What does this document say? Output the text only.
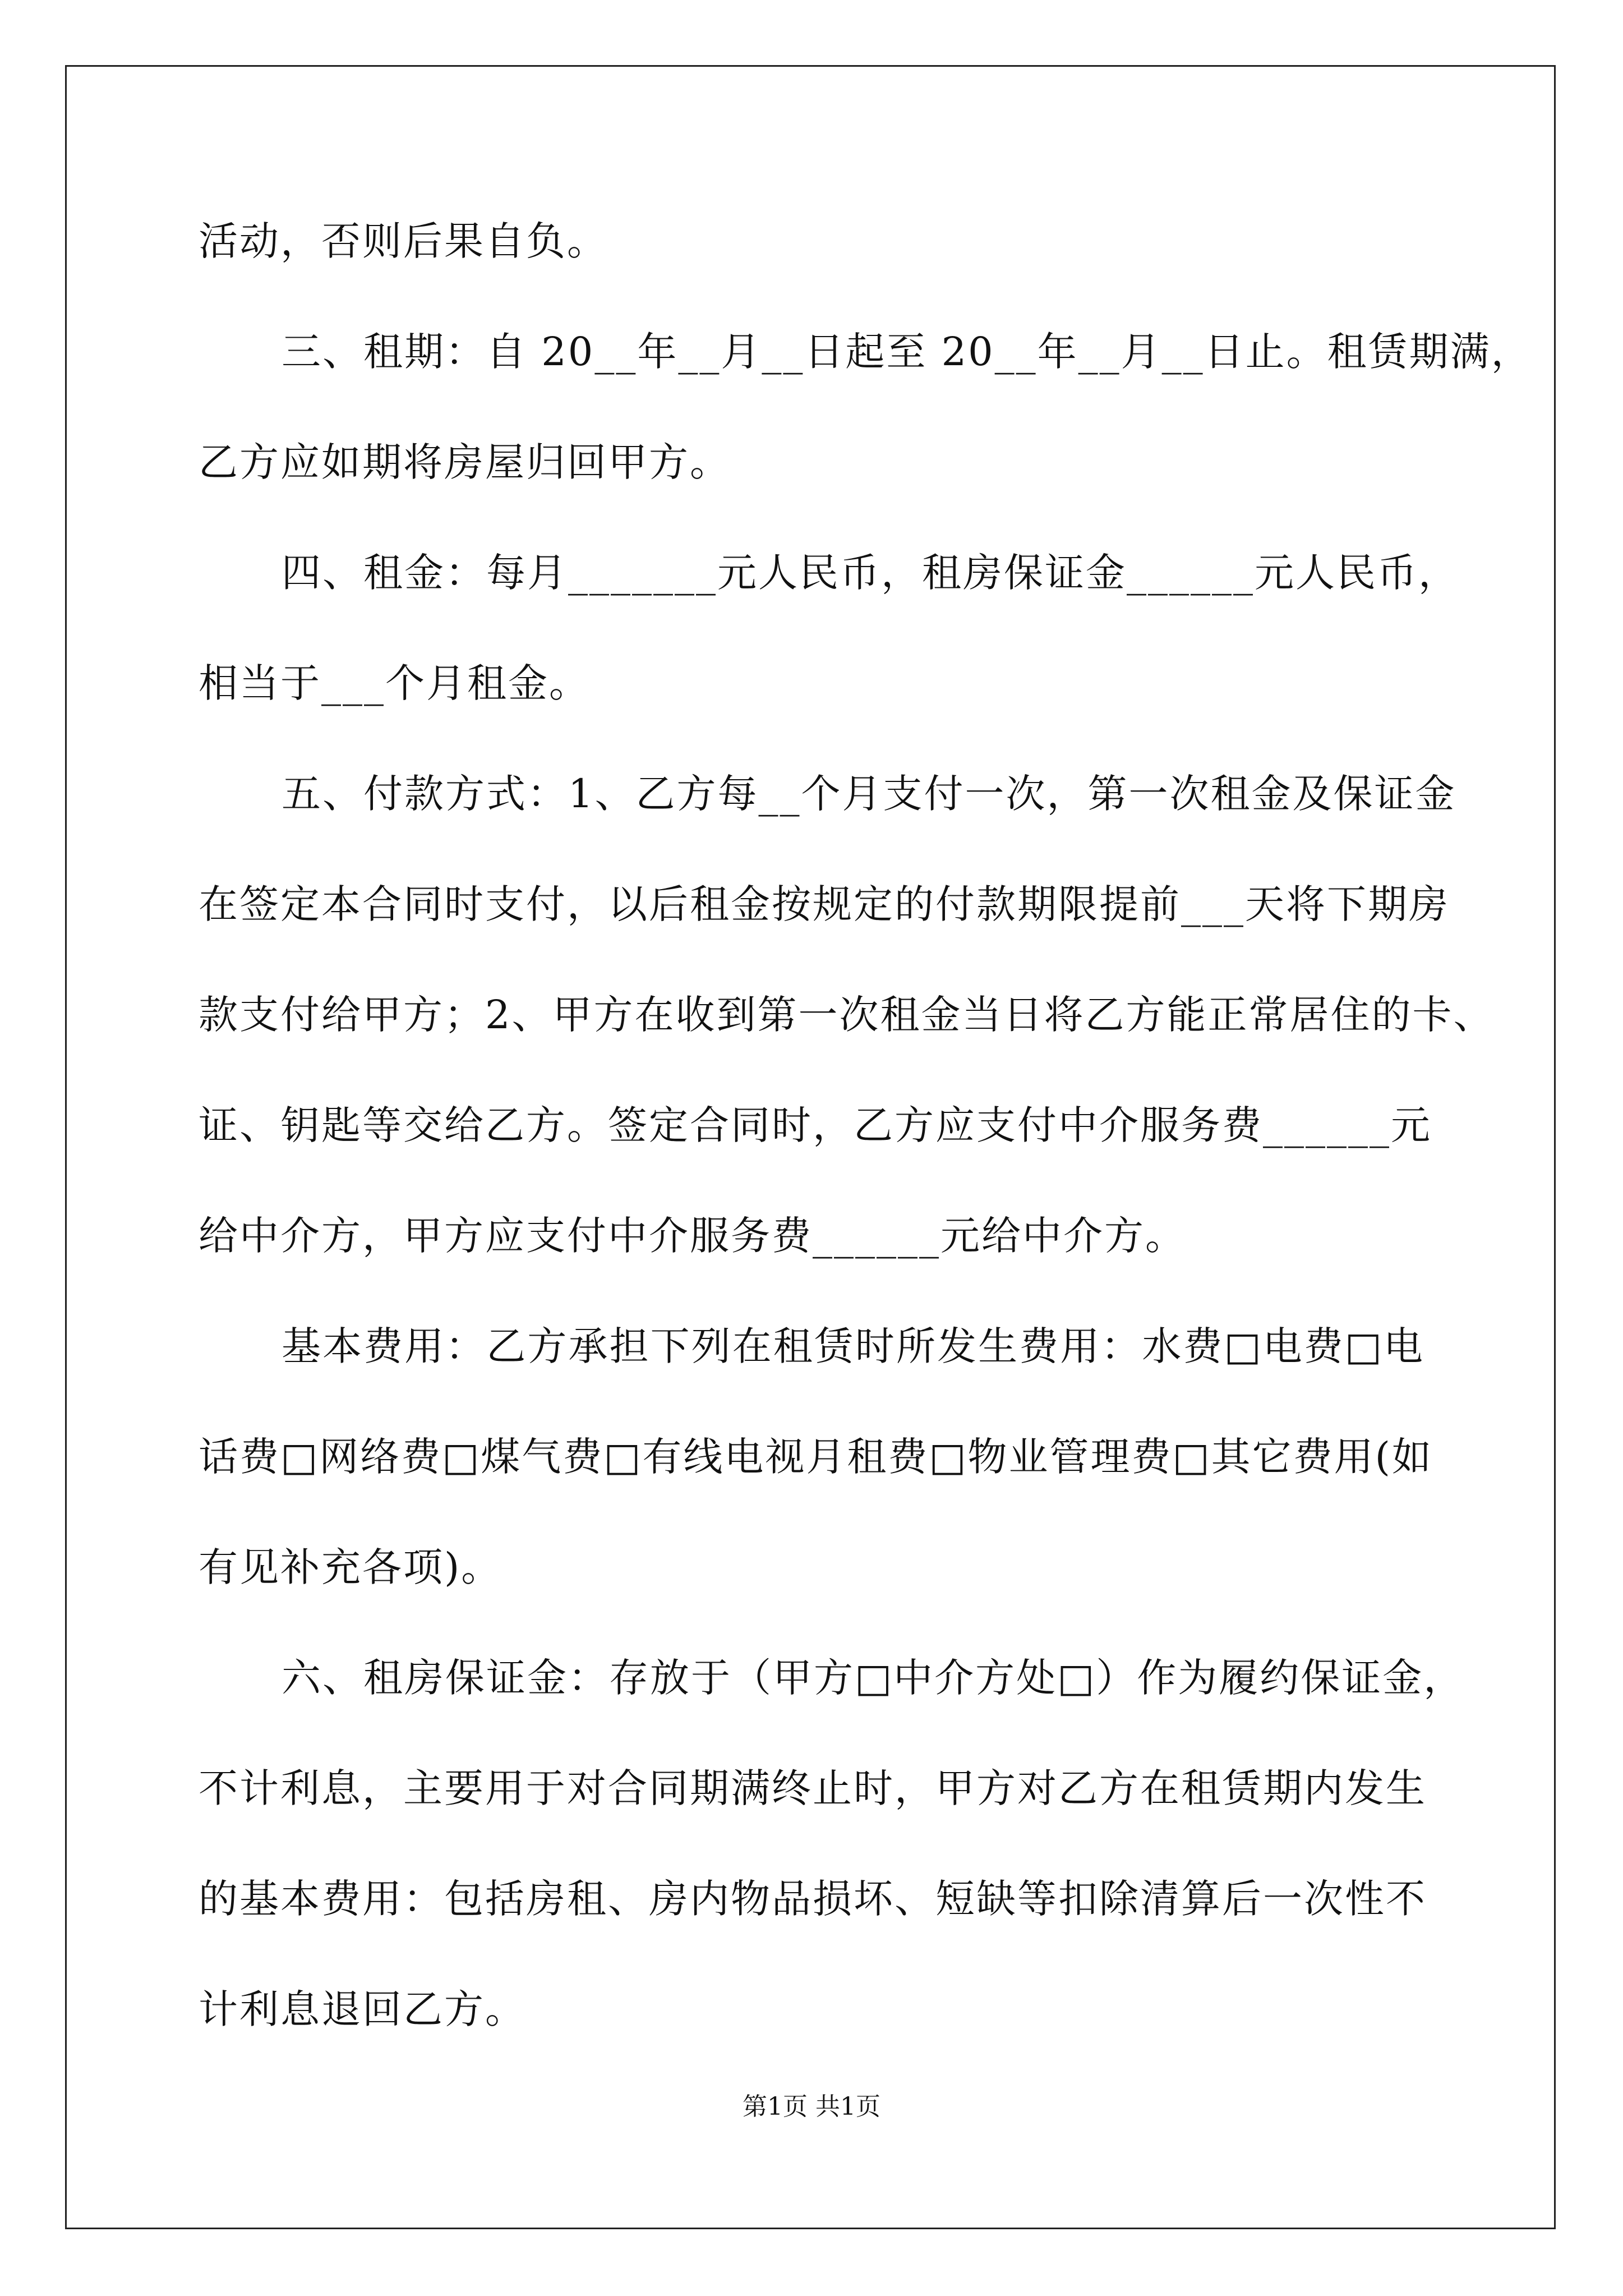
活动，否则后果自负。
三、租期：自 20__年__月__日起至 20__年__月__日止。租赁期满，
乙方应如期将房屋归回甲方。
四、租金：每月_______元人民币，租房保证金______元人民币，
相当于___个月租金。
五、付款方式：1、乙方每__个月支付一次，第一次租金及保证金
在签定本合同时支付，以后租金按规定的付款期限提前___天将下期房
款支付给甲方；2、甲方在收到第一次租金当日将乙方能正常居住的卡、
证、钥匙等交给乙方。签定合同时，乙方应支付中介服务费______元
给中介方，甲方应支付中介服务费______元给中介方。
基本费用：乙方承担下列在租赁时所发生费用：水费□电费□电
话费□网络费□煤气费□有线电视月租费□物业管理费□其它费用(如
有见补充各项)。
六、租房保证金：存放于（甲方□中介方处□）作为履约保证金，
不计利息，主要用于对合同期满终止时，甲方对乙方在租赁期内发生
的基本费用：包括房租、房内物品损坏、短缺等扣除清算后一次性不
计利息退回乙方。
第1页 共1页
